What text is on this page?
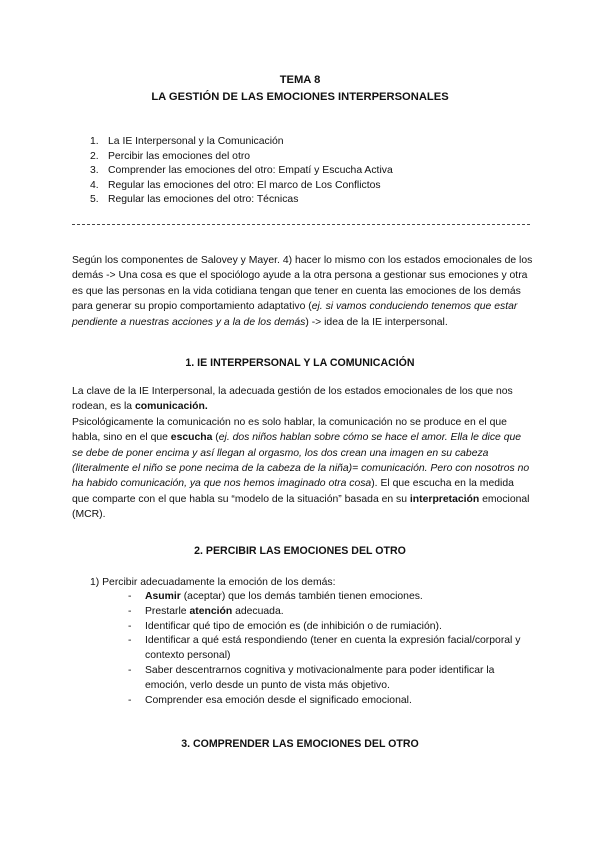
TEMA 8
LA GESTIÓN DE LAS EMOCIONES INTERPERSONALES
1. La IE Interpersonal y la Comunicación
2. Percibir las emociones del otro
3. Comprender las emociones del otro: Empatí y Escucha Activa
4. Regular las emociones del otro: El marco de Los Conflictos
5. Regular las emociones del otro: Técnicas

Según los componentes de Salovey y Mayer. 4) hacer lo mismo con los estados emocionales de los demás -> Una cosa es que el spociólogo ayude a la otra persona a gestionar sus emociones y otra es que las personas en la vida cotidiana tengan que tener en cuenta las emociones de los demás para generar su propio comportamiento adaptativo (ej. si vamos conduciendo tenemos que estar pendiente a nuestras acciones y a la de los demás) -> idea de la IE interpersonal.

1. IE INTERPERSONAL Y LA COMUNICACIÓN

La clave de la IE Interpersonal, la adecuada gestión de los estados emocionales de los que nos rodean, es la comunicación.
Psicológicamente la comunicación no es solo hablar, la comunicación no se produce en el que habla, sino en el que escucha (ej. dos niños hablan sobre cómo se hace el amor. Ella le dice que se debe de poner encima y así llegan al orgasmo, los dos crean una imagen en su cabeza (literalmente el niño se pone necima de la cabeza de la niña)= comunicación. Pero con nosotros no ha habido comunicación, ya que nos hemos imaginado otra cosa). El que escucha en la medida que comparte con el que habla su “modelo de la situación” basada en su interpretación emocional (MCR).

2. PERCIBIR LAS EMOCIONES DEL OTRO
1) Percibir adecuadamente la emoción de los demás:
- Asumir (aceptar) que los demás también tienen emociones.
- Prestarle atención adecuada.
- Identificar qué tipo de emoción es (de inhibición o de rumiación).
- Identificar a qué está respondiendo (tener en cuenta la expresión facial/corporal y contexto personal)
- Saber descentrarnos cognitiva y motivacionalmente para poder identificar la emoción, verlo desde un punto de vista más objetivo.
- Comprender esa emoción desde el significado emocional.
3. COMPRENDER LAS EMOCIONES DEL OTRO
